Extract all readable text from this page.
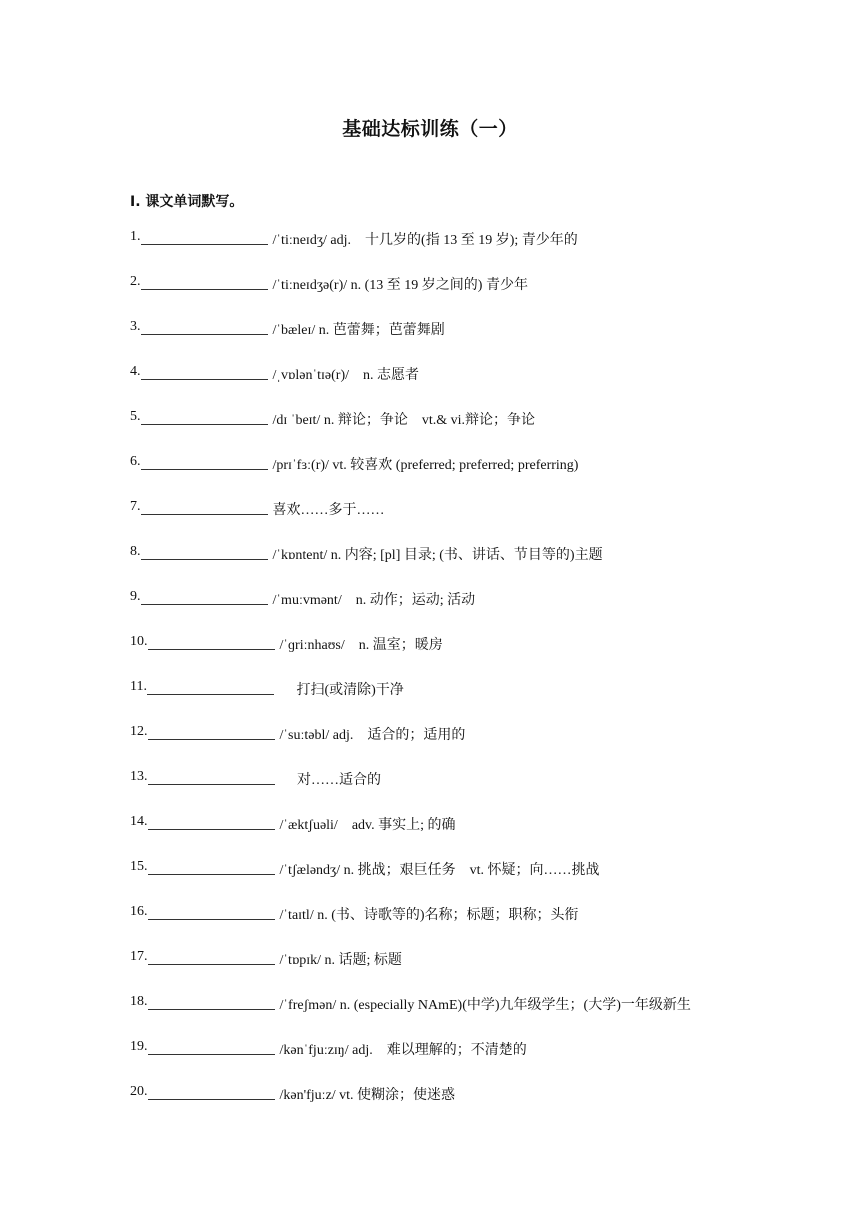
基础达标训练（一）
Ⅰ. 课文单词默写。
1.	/ˈtiːneɪdʒ/ adj.　十几岁的(指 13 至 19 岁); 青少年的
2.	/ˈtiːneɪdʒə(r)/ n. (13 至 19 岁之间的) 青少年
3.	/ˈbæleɪ/ n. 芭蕾舞；芭蕾舞剧
4.	/ˌvɒlənˈtɪə(r)/　n. 志愿者
5.	/dɪ ˈbeɪt/ n. 辩论；争论　vt.& vi.辩论；争论
6.	/prɪˈfɜː(r)/ vt. 较喜欢 (preferred; preferred; preferring)
7.	喜欢……多于……
8.	/ˈkɒntent/ n. 内容; [pl] 目录; (书、讲话、节目等的)主题
9.	/ˈmuːvmənt/　n. 动作；运动; 活动
10.	/ˈɡriːnhaʊs/　n. 温室；暖房
11.	　 打扫(或清除)干净
12.	/ˈsuːtəbl/ adj.　适合的；适用的
13.	　 对……适合的
14.	/ˈæktʃuəli/　adv. 事实上; 的确
15.	/ˈtʃæləndʒ/ n. 挑战；艰巨任务　vt. 怀疑；向……挑战
16.	/ˈtaɪtl/ n. (书、诗歌等的)名称；标题；职称；头衔
17.	/ˈtɒpɪk/ n. 话题; 标题
18.	/ˈfreʃmən/ n. (especially NAmE)(中学)九年级学生；(大学)一年级新生
19.	/kənˈfjuːzɪŋ/ adj.　难以理解的；不清楚的
20.	/kən'fjuːz/ vt. 使糊涂；使迷惑
